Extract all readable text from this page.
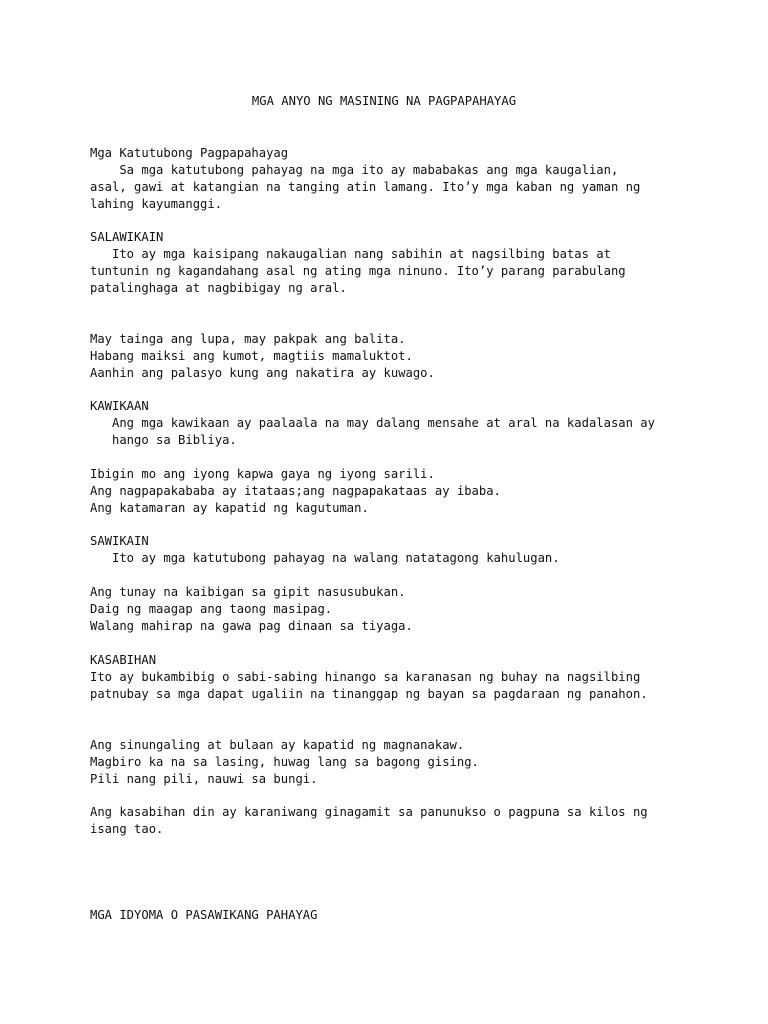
MGA ANYO NG MASINING NA PAGPAPAHAYAG

Mga Katutubong Pagpapahayag

Sa mga katutubong pahayag na mga ito ay mababakas ang mga kaugalian,

asal, gawi at katangian na tanging atin lamang. Ito’y mga kaban ng yaman ng

lahing kayumanggi.

SALAWIKAIN

Ito ay mga kaisipang nakaugalian nang sabihin at nagsilbing batas at

tuntunin ng kagandahang asal ng ating mga ninuno. Ito’y parang parabulang

patalinghaga at nagbibigay ng aral.

May tainga ang lupa, may pakpak ang balita.

Habang maiksi ang kumot, magtiis mamaluktot.

Aanhin ang palasyo kung ang nakatira ay kuwago.

KAWIKAAN

Ang mga kawikaan ay paalaala na may dalang mensahe at aral na kadalasan ay

hango sa Bibliya.

Ibigin mo ang iyong kapwa gaya ng iyong sarili.

Ang nagpapakababa ay itataas;ang nagpapakataas ay ibaba.

Ang katamaran ay kapatid ng kagutuman.

SAWIKAIN

Ito ay mga katutubong pahayag na walang natatagong kahulugan.

Ang tunay na kaibigan sa gipit nasusubukan.

Daig ng maagap ang taong masipag.

Walang mahirap na gawa pag dinaan sa tiyaga.

KASABIHAN

Ito ay bukambibig o sabi-sabing hinango sa karanasan ng buhay na nagsilbing

patnubay sa mga dapat ugaliin na tinanggap ng bayan sa pagdaraan ng panahon.

Ang sinungaling at bulaan ay kapatid ng magnanakaw.

Magbiro ka na sa lasing, huwag lang sa bagong gising.

Pili nang pili, nauwi sa bungi.

Ang kasabihan din ay karaniwang ginagamit sa panunukso o pagpuna sa kilos ng

isang tao.

MGA IDYOMA O PASAWIKANG PAHAYAG
